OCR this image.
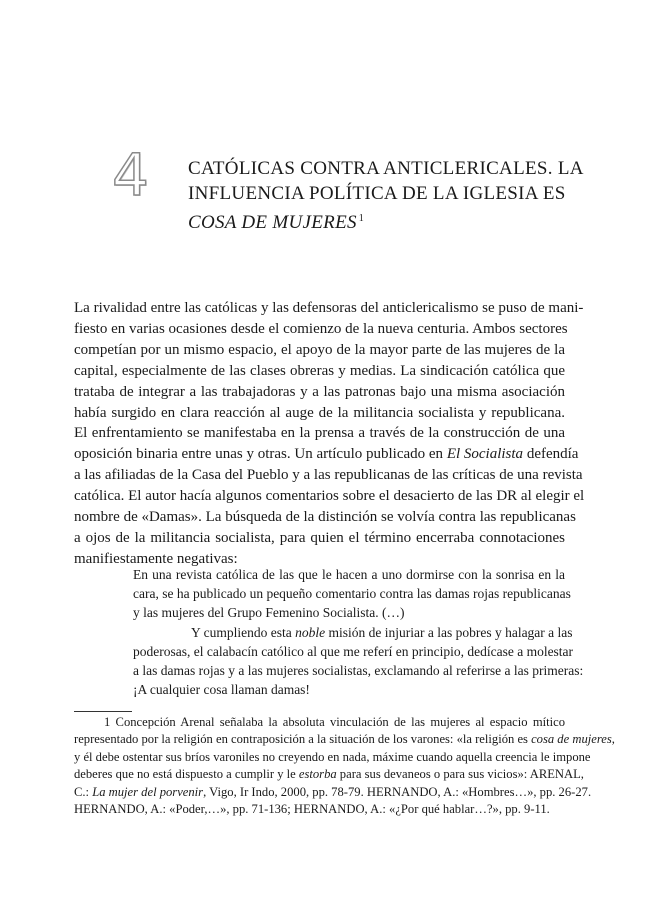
4 CATÓLICAS CONTRA ANTICLERICALES. LA
INFLUENCIA POLÍTICA DE LA IGLESIA ES
COSA DE MUJERES $^1$
La rivalidad entre las católicas y las defensoras del anticlericalismo se puso de mani-
fiesto en varias ocasiones desde el comienzo de la nueva centuria. Ambos sectores
competían por un mismo espacio, el apoyo de la mayor parte de las mujeres de la
capital, especialmente de las clases obreras y medias. La sindicación católica que
trataba de integrar a las trabajadoras y a las patronas bajo una misma asociación
había surgido en clara reacción al auge de la militancia socialista y republicana.
El enfrentamiento se manifestaba en la prensa a través de la construcción de una
oposición binaria entre unas y otras. Un artículo publicado en El Socialista defendía
a las afiliadas de la Casa del Pueblo y a las republicanas de las críticas de una revista
católica. El autor hacía algunos comentarios sobre el desacierto de las DR al elegir el
nombre de «Damas». La búsqueda de la distinción se volvía contra las republicanas
a ojos de la militancia socialista, para quien el término encerraba connotaciones
manifiestamente negativas:
En una revista católica de las que le hacen a uno dormirse con la sonrisa en la
cara, se ha publicado un pequeño comentario contra las damas rojas republicanas
y las mujeres del Grupo Femenino Socialista. (…)
Y cumpliendo esta noble misión de injuriar a las pobres y halagar a las
poderosas, el calabacín católico al que me referí en principio, dedícase a molestar
a las damas rojas y a las mujeres socialistas, exclamando al referirse a las primeras:
¡A cualquier cosa llaman damas!
1 Concepción Arenal señalaba la absoluta vinculación de las mujeres al espacio mítico
representado por la religión en contraposición a la situación de los varones: «la religión es cosa de mujeres,
y él debe ostentar sus bríos varoniles no creyendo en nada, máxime cuando aquella creencia le impone
deberes que no está dispuesto a cumplir y le estorba para sus devaneos o para sus vicios»: ARENAL,
C.: La mujer del porvenir, Vigo, Ir Indo, 2000, pp. 78-79. HERNANDO, A.: «Hombres…», pp. 26-27.
HERNANDO, A.: «Poder,…», pp. 71-136; HERNANDO, A.: «¿Por qué hablar…?», pp. 9-11.
